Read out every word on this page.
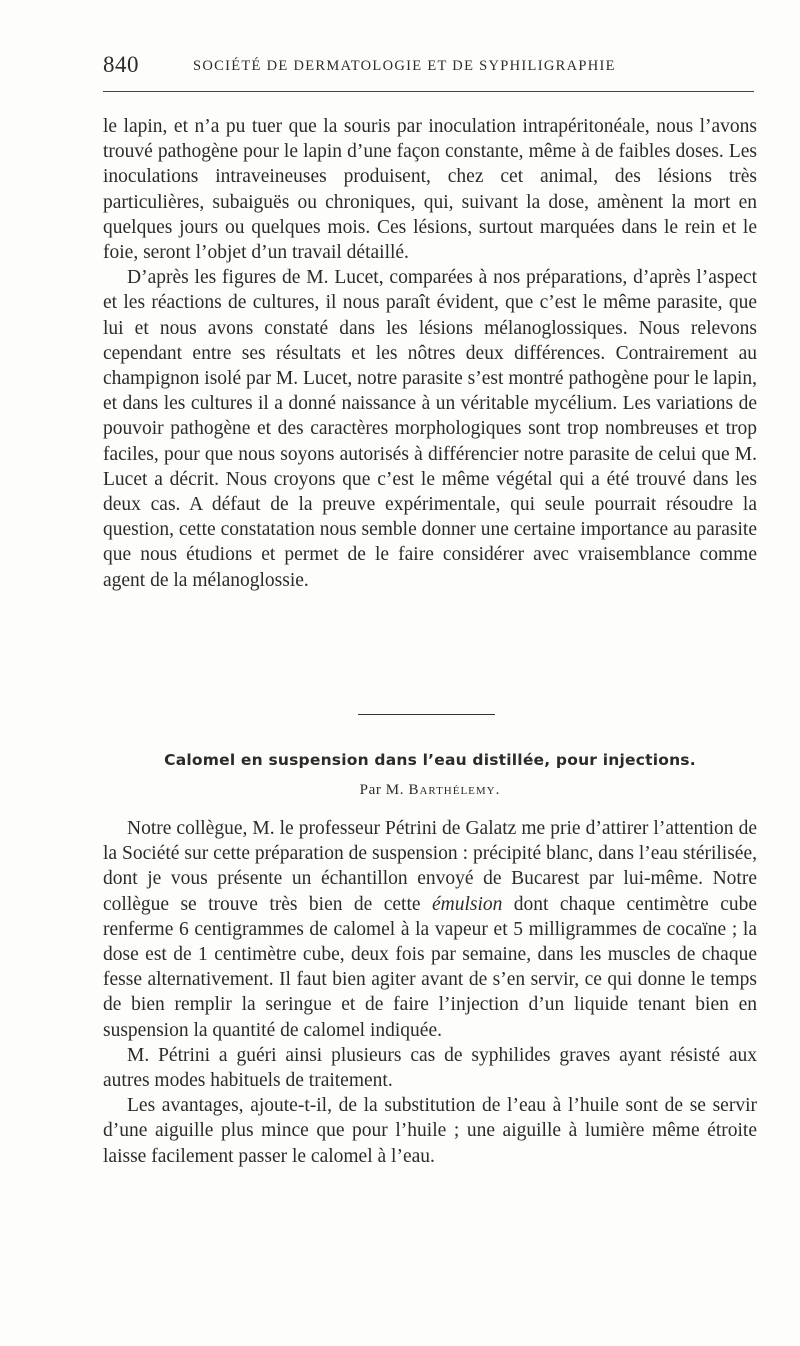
840	SOCIÉTÉ DE DERMATOLOGIE ET DE SYPHILIGRAPHIE

le lapin, et n’a pu tuer que la souris par inoculation intrapéritonéale, nous l’avons trouvé pathogène pour le lapin d’une façon constante, même à de faibles doses. Les inoculations intraveineuses produisent, chez cet animal, des lésions très particulières, subaiguës ou chroniques, qui, suivant la dose, amènent la mort en quelques jours ou quelques mois. Ces lésions, surtout marquées dans le rein et le foie, seront l’objet d’un travail détaillé.

D’après les figures de M. Lucet, comparées à nos préparations, d’après l’aspect et les réactions de cultures, il nous paraît évident, que c’est le même parasite, que lui et nous avons constaté dans les lésions mélanoglossiques. Nous relevons cependant entre ses résultats et les nôtres deux différences. Contrairement au champignon isolé par M. Lucet, notre parasite s’est montré pathogène pour le lapin, et dans les cultures il a donné naissance à un véritable mycélium. Les variations de pouvoir pathogène et des caractères morphologiques sont trop nombreuses et trop faciles, pour que nous soyons autorisés à différencier notre parasite de celui que M. Lucet a décrit. Nous croyons que c’est le même végétal qui a été trouvé dans les deux cas. A défaut de la preuve expérimentale, qui seule pourrait résoudre la question, cette constatation nous semble donner une certaine importance au parasite que nous étudions et permet de le faire considérer avec vraisemblance comme agent de la mélanoglossie.

Calomel en suspension dans l’eau distillée, pour injections.
Par M. Barthélemy.

Notre collègue, M. le professeur Pétrini de Galatz me prie d’attirer l’attention de la Société sur cette préparation de suspension : précipité blanc, dans l’eau stérilisée, dont je vous présente un échantillon envoyé de Bucarest par lui-même. Notre collègue se trouve très bien de cette émulsion dont chaque centimètre cube renferme 6 centigrammes de calomel à la vapeur et 5 milligrammes de cocaïne ; la dose est de 1 centimètre cube, deux fois par semaine, dans les muscles de chaque fesse alternativement. Il faut bien agiter avant de s’en servir, ce qui donne le temps de bien remplir la seringue et de faire l’injection d’un liquide tenant bien en suspension la quantité de calomel indiquée.

M. Pétrini a guéri ainsi plusieurs cas de syphilides graves ayant résisté aux autres modes habituels de traitement.

Les avantages, ajoute-t-il, de la substitution de l’eau à l’huile sont de se servir d’une aiguille plus mince que pour l’huile ; une aiguille à lumière même étroite laisse facilement passer le calomel à l’eau.
